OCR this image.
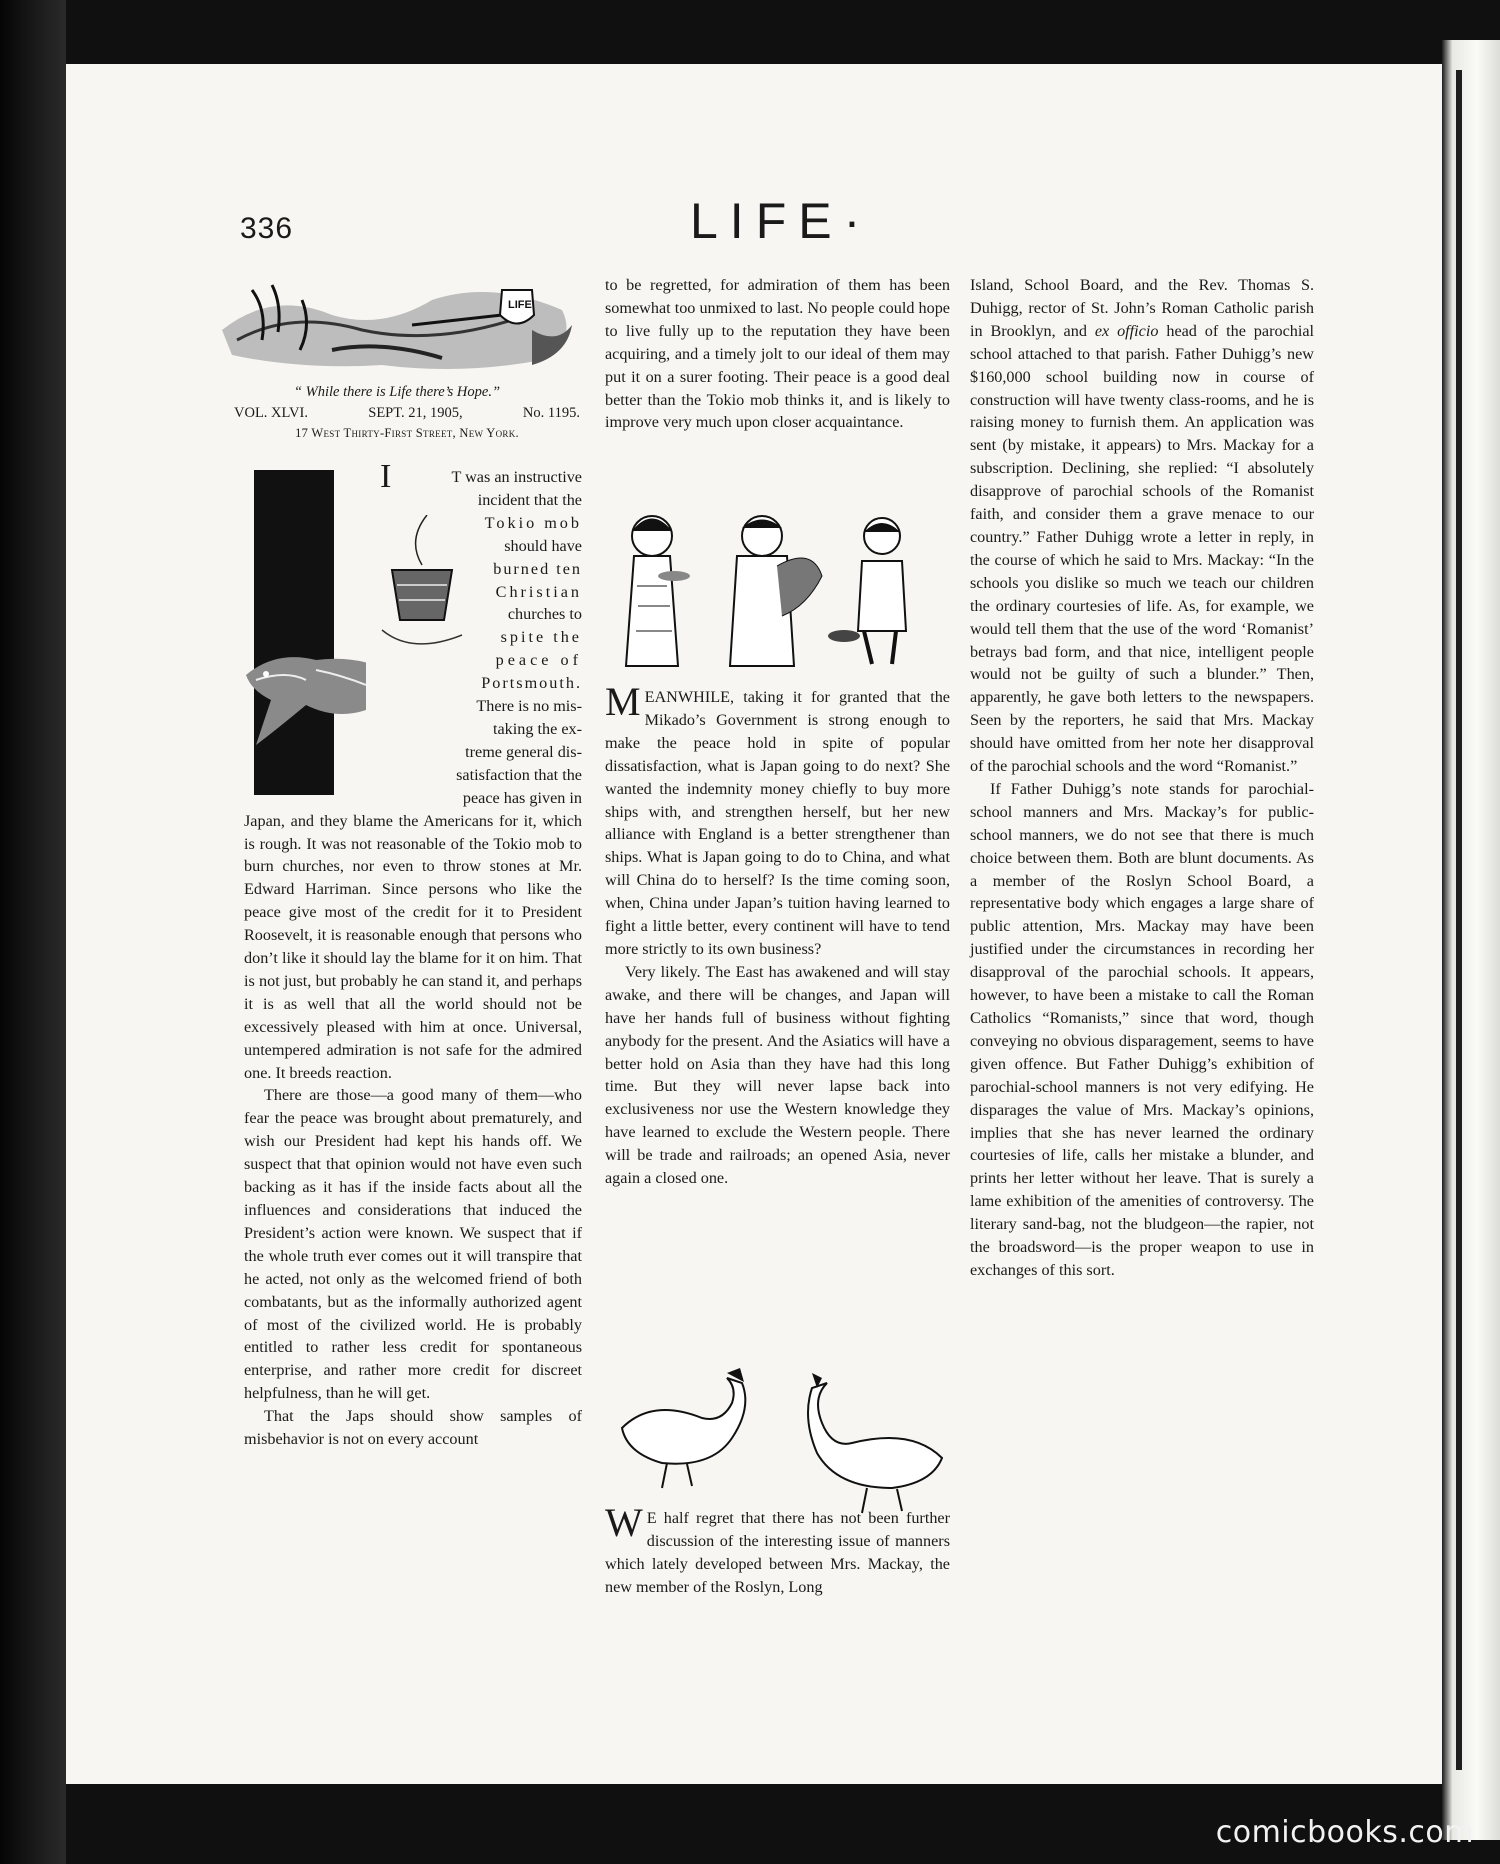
336	LIFE·
LIFE
“ While there is Life there’s Hope.”
VOL. XLVI.	SEPT. 21, 1905,	No. 1195.
17 West Thirty-First Street, New York.
I	T was an instructive
incident that the
Tokio mob
should have
burned ten
Christian
churches to
spite the
peace of
Portsmouth.
There is no mis-
taking the ex-
treme general dis-
satisfaction that the
peace has given in

Japan, and they blame the Americans for it, which is rough. It was not reasonable of the Tokio mob to burn churches, nor even to throw stones at Mr. Edward Harriman. Since persons who like the peace give most of the credit for it to President Roosevelt, it is reasonable enough that persons who don’t like it should lay the blame for it on him. That is not just, but probably he can stand it, and perhaps it is as well that all the world should not be excessively pleased with him at once. Universal, untempered admiration is not safe for the admired one. It breeds reaction.

There are those—a good many of them—who fear the peace was brought about prematurely, and wish our President had kept his hands off. We suspect that that opinion would not have even such backing as it has if the inside facts about all the influences and considerations that induced the President’s action were known. We suspect that if the whole truth ever comes out it will transpire that he acted, not only as the welcomed friend of both combatants, but as the informally authorized agent of most of the civilized world. He is probably entitled to rather less credit for spontaneous enterprise, and rather more credit for discreet helpfulness, than he will get.

That the Japs should show samples of misbehavior is not on every account

to be regretted, for admiration of them has been somewhat too unmixed to last. No people could hope to live fully up to the reputation they have been acquiring, and a timely jolt to our ideal of them may put it on a surer footing. Their peace is a good deal better than the Tokio mob thinks it, and is likely to improve very much upon closer acquaintance.

MEANWHILE, taking it for granted that the Mikado’s Government is strong enough to make the peace hold in spite of popular dissatisfaction, what is Japan going to do next? She wanted the indemnity money chiefly to buy more ships with, and strengthen herself, but her new alliance with England is a better strengthener than ships. What is Japan going to do to China, and what will China do to herself? Is the time coming soon, when, China under Japan’s tuition having learned to fight a little better, every continent will have to tend more strictly to its own business?

Very likely. The East has awakened and will stay awake, and there will be changes, and Japan will have her hands full of business without fighting anybody for the present. And the Asiatics will have a better hold on Asia than they have had this long time. But they will never lapse back into exclusiveness nor use the Western knowledge they have learned to exclude the Western people. There will be trade and railroads; an opened Asia, never again a closed one.

W E half regret that there has not been further discussion of the interesting issue of manners which lately developed between Mrs. Mackay, the new member of the Roslyn, Long

Island, School Board, and the Rev. Thomas S. Duhigg, rector of St. John’s Roman Catholic parish in Brooklyn, and ex officio head of the parochial school attached to that parish. Father Duhigg’s new $160,000 school building now in course of construction will have twenty class-rooms, and he is raising money to furnish them. An application was sent (by mistake, it appears) to Mrs. Mackay for a subscription. Declining, she replied: “I absolutely disapprove of parochial schools of the Romanist faith, and consider them a grave menace to our country.” Father Duhigg wrote a letter in reply, in the course of which he said to Mrs. Mackay: “In the schools you dislike so much we teach our children the ordinary courtesies of life. As, for example, we would tell them that the use of the word ‘Romanist’ betrays bad form, and that nice, intelligent people would not be guilty of such a blunder.” Then, apparently, he gave both letters to the newspapers. Seen by the reporters, he said that Mrs. Mackay should have omitted from her note her disapproval of the parochial schools and the word “Romanist.”

If Father Duhigg’s note stands for parochial-school manners and Mrs. Mackay’s for public-school manners, we do not see that there is much choice between them. Both are blunt documents. As a member of the Roslyn School Board, a representative body which engages a large share of public attention, Mrs. Mackay may have been justified under the circumstances in recording her disapproval of the parochial schools. It appears, however, to have been a mistake to call the Roman Catholics “Romanists,” since that word, though conveying no obvious disparagement, seems to have given offence. But Father Duhigg’s exhibition of parochial-school manners is not very edifying. He disparages the value of Mrs. Mackay’s opinions, implies that she has never learned the ordinary courtesies of life, calls her mistake a blunder, and prints her letter without her leave. That is surely a lame exhibition of the amenities of controversy. The literary sand-bag, not the bludgeon—the rapier, not the broadsword—is the proper weapon to use in exchanges of this sort.

comicbooks.com
